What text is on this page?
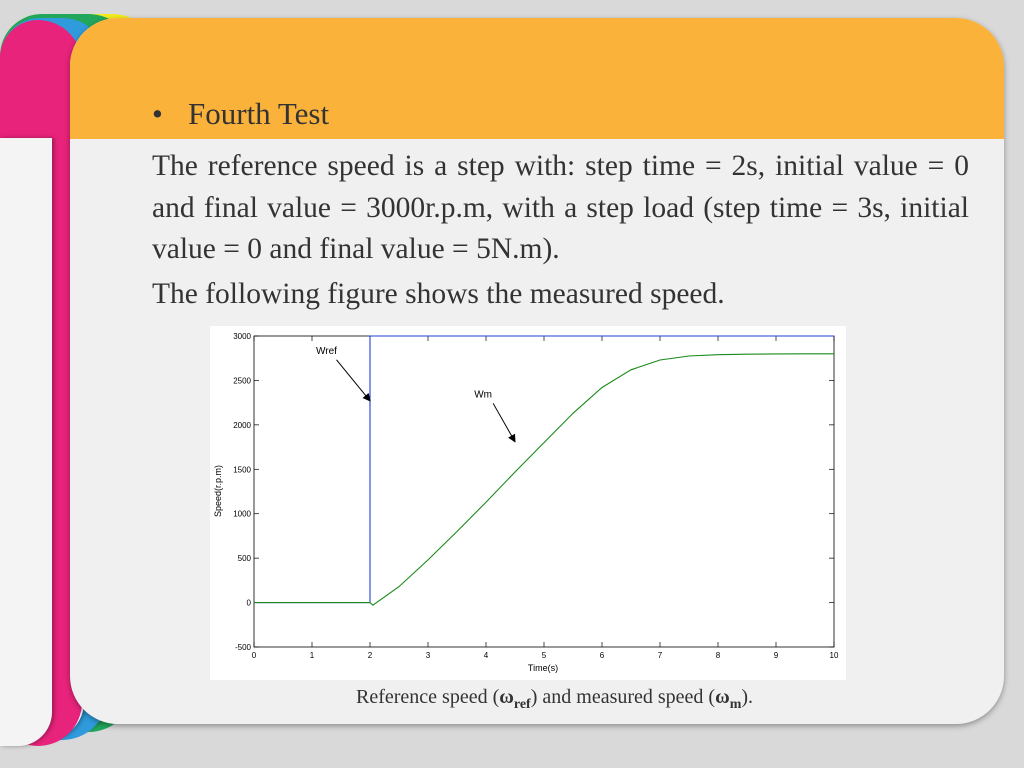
• Fourth Test

The reference speed is a step with: step time = 2s, initial value = 0 and final value = 3000r.p.m, with a step load (step time = 3s, initial value = 0 and final value = 5N.m).

The following figure shows the measured speed.

0	1	2	3	4	5	6	7	8	9	10
-500
0
500
1000
1500
2000
2500
3000
Wref
Wm
Time(s)
Speed(r.p.m)
Reference speed $(\omega_{ref})$ and measured speed $(\omega_m)$.
